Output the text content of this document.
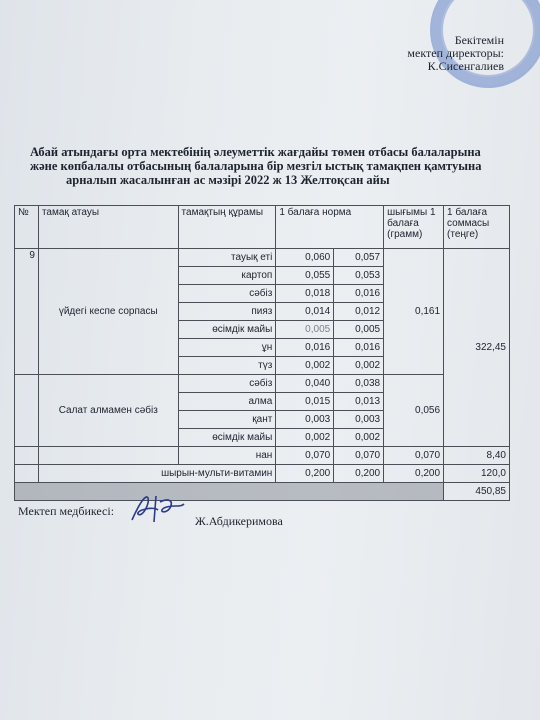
Бекітемін
мектеп директоры:
К.Сисенгалиев
Абай атындағы орта мектебінің әлеуметтік жағдайы төмен отбасы балаларына
және көпбалалы отбасының балаларына бір мезгіл ыстық тамақпен қамтуына
арналып жасалынған ас мәзірі 2022 ж 13 Желтоқсан айы
№	тамақ атауы	тамақтың құрамы	1 балаға норма		шығымы 1 балаға (грамм)	1 балаға соммасы (теңге)
9	үйдегі кеспе сорпасы	тауық еті	0,060	0,057	0,161	322,45
		картоп	0,055	0,053		
		сәбіз	0,018	0,016		
		пияз	0,014	0,012		
		өсімдік майы	0,005	0,005		
		ұн	0,016	0,016		
		түз	0,002	0,002		
	Салат алмамен сәбіз	сәбіз	0,040	0,038	0,056	
		алма	0,015	0,013		
		қант	0,003	0,003		
		өсімдік майы	0,002	0,002		
		нан	0,070	0,070	0,070	8,40
	шырын-мульти-витамин		0,200	0,200	0,200	120,0
						450,85
Мектеп медбикесі:
Ж.Абдикеримова
